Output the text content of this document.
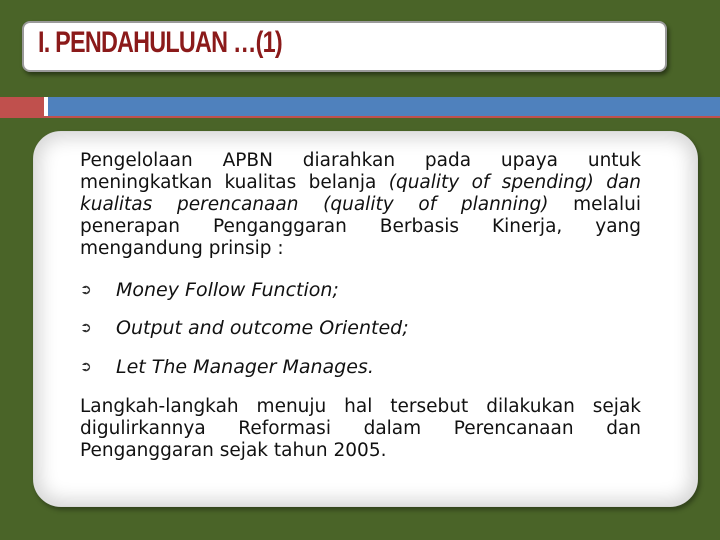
I. PENDAHULUAN …(1)

Pengelolaan APBN diarahkan pada upaya untuk meningkatkan kualitas belanja (quality of spending) dan kualitas perencanaan (quality of planning) melalui penerapan Penganggaran Berbasis Kinerja, yang mengandung prinsip :

➲ Money Follow Function;
➲ Output and outcome Oriented;
➲ Let The Manager Manages.

Langkah-langkah menuju hal tersebut dilakukan sejak digulirkannya Reformasi dalam Perencanaan dan Penganggaran sejak tahun 2005.
